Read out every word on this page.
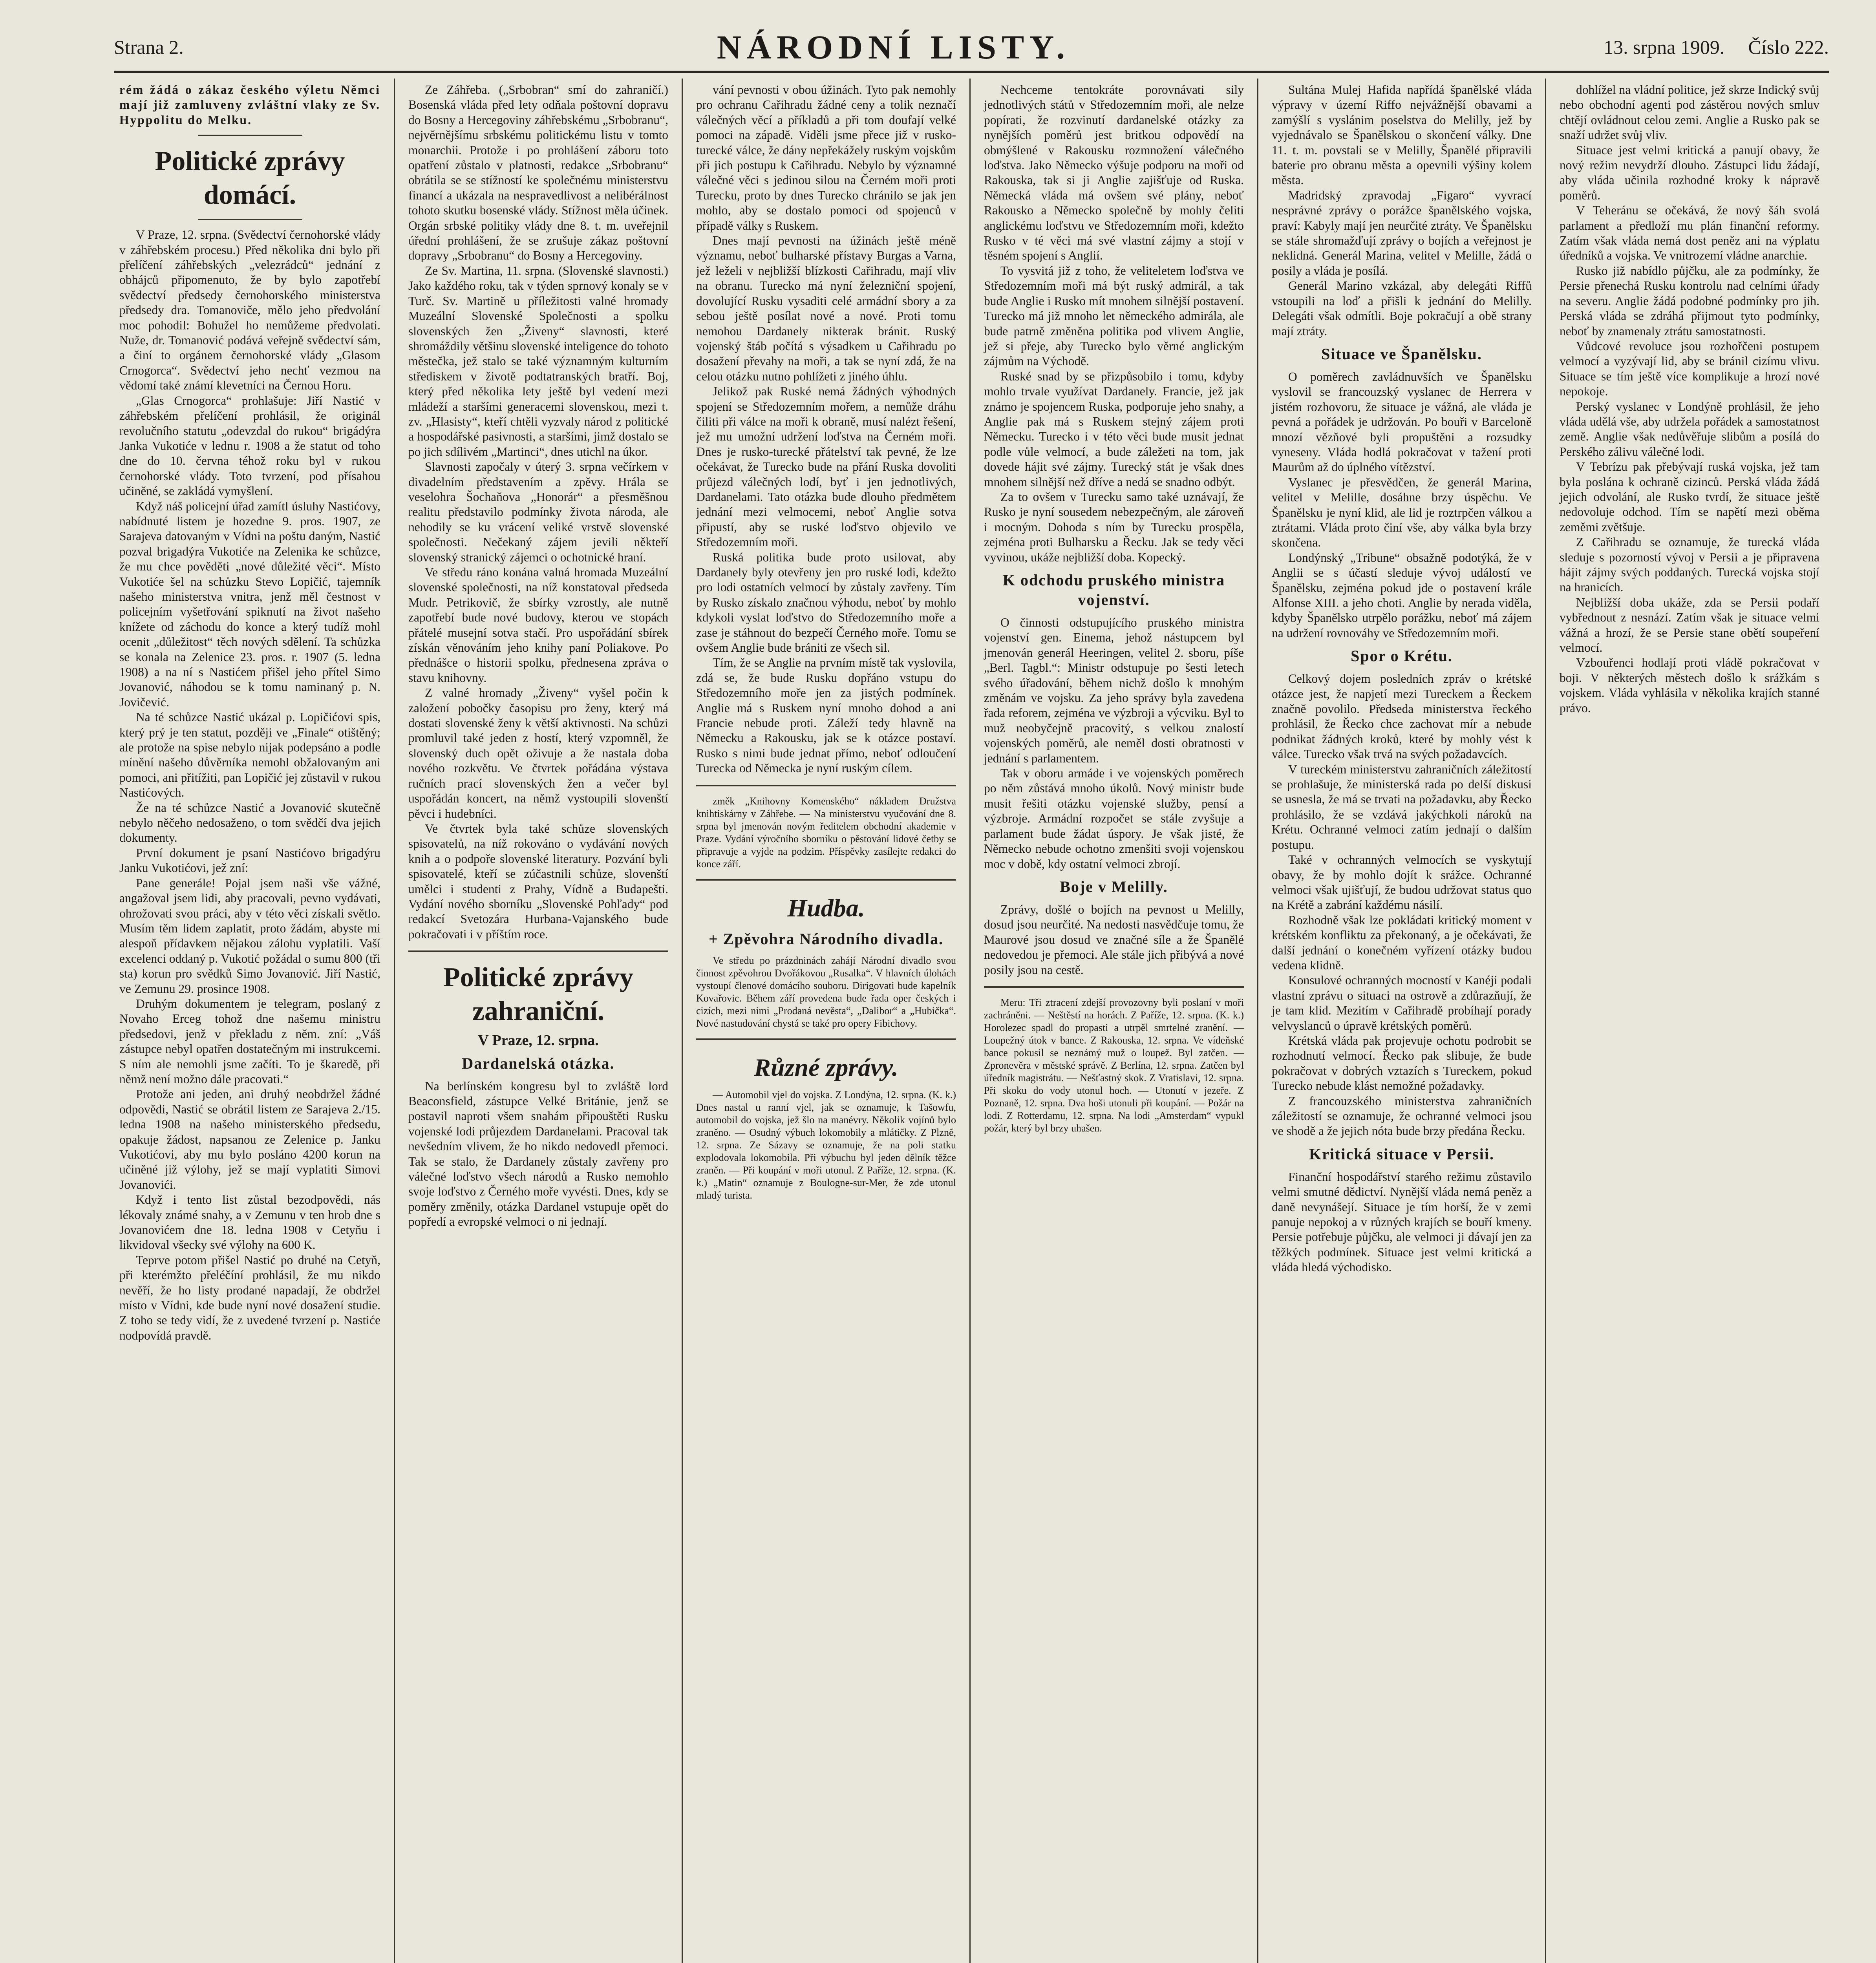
Strana 2.	NÁRODNÍ LISTY.	13. srpna 1909. Číslo 222.

rém žádá o zákaz českého výletu Němci mají již zamluveny zvláštní vlaky ze Sv. Hyppolitu do Melku.

Politické zprávy domácí.

V Praze, 12. srpna. (Svědectví černohorské vlády v záhřebském procesu.) Před několika dni bylo při přelíčení záhřebských „velezrádců“ jednání z obhájců připomenuto, že by bylo zapotřebí svědectví předsedy černohorského ministerstva předsedy dra. Tomanoviče, mělo jeho předvolání moc pohodil: Bohužel ho nemůžeme předvolati. Nuže, dr. Tomanović podává veřejně svědectví sám, a činí to orgánem černohorské vlády „Glasom Crnogorca“. Svědectví jeho nechť vezmou na vědomí také známí klevetníci na Černou Horu.

„Glas Crnogorca“ prohlašuje: Jiří Nastić v záhřebském přelíčení prohlásil, že originál revolučního statutu „odevzdal do rukou“ brigádýra Janka Vukotiće v lednu r. 1908 a že statut od toho dne do 10. června téhož roku byl v rukou černohorské vlády. Toto tvrzení, pod přísahou učiněné, se zakládá vymyšlení.

Když náš policejní úřad zamítl úsluhy Nastićovy, nabídnuté listem je hozedne 9. pros. 1907, ze Sarajeva datovaným v Vídni na poštu daným, Nastić pozval brigadýra Vukotiće na Zelenika ke schůzce, že mu chce pověděti „nové důležité věci“. Místo Vukotiće šel na schůzku Stevo Lopičić, tajemník našeho ministerstva vnitra, jenž měl čestnost v policejním vyšetřování spiknutí na život našeho knížete od záchodu do konce a který tudíž mohl ocenit „důležitost“ těch nových sdělení. Ta schůzka se konala na Zelenice 23. pros. r. 1907 (5. ledna 1908) a na ní s Nastićem přišel jeho přítel Simo Jovanović, náhodou se k tomu naminaný p. N. Jovičević.

Na té schůzce Nastić ukázal p. Lopičićovi spis, který prý je ten statut, později ve „Finale“ otištěný; ale protože na spise nebylo nijak podepsáno a podle mínění našeho důvěrníka nemohl obžalovaným ani pomoci, ani přitížiti, pan Lopičić jej zůstavil v rukou Nastićových.

Že na té schůzce Nastić a Jovanović skutečně nebylo něčeho nedosaženo, o tom svědčí dva jejich dokumenty.

První dokument je psaní Nastićovo brigadýru Janku Vukotićovi, jež zní:

Pane generále! Pojal jsem naši vše vážné, angažoval jsem lidi, aby pracovali, pevno vydávati, ohrožovati svou práci, aby v této věci získali světlo. Musím těm lidem zaplatit, proto žádám, abyste mi alespoň přídavkem nějakou zálohu vyplatili. Vaší excelenci oddaný p. Vukotić požádal o sumu 800 (tři sta) korun pro svědků Simo Jovanović. Jiří Nastić, ve Zemunu 29. prosince 1908.

Druhým dokumentem je telegram, poslaný z Novaho Erceg tohož dne našemu ministru předsedovi, jenž v překladu z něm. zní: „Váš zástupce nebyl opatřen dostatečným mi instrukcemi. S ním ale nemohli jsme začíti. To je škaredě, při němž není možno dále pracovati.“

Protože ani jeden, ani druhý neobdržel žádné odpovědi, Nastić se obrátil listem ze Sarajeva 2./15. ledna 1908 na našeho ministerského předsedu, opakuje žádost, napsanou ze Zelenice p. Janku Vukotićovi, aby mu bylo posláno 4200 korun na učiněné již výlohy, jež se mají vyplatiti Simovi Jovanovići.

Když i tento list zůstal bezodpovědi, nás lékovaly známé snahy, a v Zemunu v ten hrob dne s Jovanovićem dne 18. ledna 1908 v Cetyňu i likvidoval všecky své výlohy na 600 K.

Teprve potom přišel Nastić po druhé na Cetyň, při kterémžto přeléčíní prohlásil, že mu nikdo nevěří, že ho listy prodané napadají, že obdržel místo v Vídni, kde bude nyní nové dosažení studie. Z toho se tedy vidí, že z uvedené tvrzení p. Nastiće nodpovídá pravdě.

Ze Záhřeba. („Srbobran“ smí do zahraničí.) Bosenská vláda před lety odňala poštovní dopravu do Bosny a Hercegoviny záhřebskému „Srbobranu“, nejvěrnějšímu srbskému politickému listu v tomto monarchii. Protože i po prohlášení záboru toto opatření zůstalo v platnosti, redakce „Srbobranu“ obrátila se se stížností ke společnému ministerstvu financí a ukázala na nespravedlivost a nelibérálnost tohoto skutku bosenské vlády. Stížnost měla účinek. Orgán srbské politiky vlády dne 8. t. m. uveřejnil úřední prohlášení, že se zrušuje zákaz poštovní dopravy „Srbobranu“ do Bosny a Hercegoviny.

Ze Sv. Martina, 11. srpna. (Slovenské slavnosti.) Jako každého roku, tak v týden sprnový konaly se v Turč. Sv. Martině u příležitosti valné hromady Muzeální Slovenské Společnosti a spolku slovenských žen „Živeny“ slavnosti, které shromáždily většinu slovenské inteligence do tohoto městečka, jež stalo se také významným kulturním střediskem v životě podtatranských bratří. Boj, který před několika lety ještě byl vedení mezi mládeží a staršími generacemi slovenskou, mezi t. zv. „Hlasisty“, kteří chtěli vyzvaly národ z politické a hospodářské pasivnosti, a staršími, jimž dostalo se po jich sdílivém „Martinci“, dnes utichl na úkor.

Slavnosti započaly v úterý 3. srpna večírkem v divadelním představením a zpěvy. Hrála se veselohra Šochaňova „Honorár“ a přesměšnou realitu představilo podmínky života národa, ale nehodily se ku vrácení veliké vrstvě slovenské společnosti. Nečekaný zájem jevili někteří slovenský stranický zájemci o ochotnické hraní.

Ve středu ráno konána valná hromada Muzeální slovenské společnosti, na níž konstatoval předseda Mudr. Petrikovič, že sbírky vzrostly, ale nutně zapotřebí bude nové budovy, kterou ve stopách přátelé musejní sotva stačí. Pro uspořádání sbírek získán věnováním jeho knihy paní Poliakove. Po přednášce o historii spolku, přednesena zpráva o stavu knihovny.

Z valné hromady „Živeny“ vyšel počin k založení pobočky časopisu pro ženy, který má dostati slovenské ženy k větší aktivnosti. Na schůzi promluvil také jeden z hostí, který vzpomněl, že slovenský duch opět oživuje a že nastala doba nového rozkvětu. Ve čtvrtek pořádána výstava ručních prací slovenských žen a večer byl uspořádán koncert, na němž vystoupili slovenští pěvci i hudebníci.

Ve čtvrtek byla také schůze slovenských spisovatelů, na níž rokováno o vydávání nových knih a o podpoře slovenské literatury. Pozvání byli spisovatelé, kteří se zúčastnili schůze, slovenští umělci i studenti z Prahy, Vídně a Budapešti. Vydání nového sborníku „Slovenské Pohľady“ pod redakcí Svetozára Hurbana-Vajanského bude pokračovati i v příštím roce.

Politické zprávy zahraniční.
V Praze, 12. srpna.
Dardanelská otázka.

Na berlínském kongresu byl to zvláště lord Beaconsfield, zástupce Velké Británie, jenž se postavil naproti všem snahám připouštěti Rusku vojenské lodi průjezdem Dardanelami. Pracoval tak nevšedním vlivem, že ho nikdo nedovedl přemoci. Tak se stalo, že Dardanely zůstaly zavřeny pro válečné loďstvo všech národů a Rusko nemohlo svoje loďstvo z Černého moře vyvésti. Dnes, kdy se poměry změnily, otázka Dardanel vstupuje opět do popředí a evropské velmoci o ni jednají.

vání pevnosti v obou úžinách. Tyto pak nemohly pro ochranu Cařihradu žádné ceny a tolik neznačí válečných věcí a příkladů a při tom doufají velké pomoci na západě. Viděli jsme přece již v rusko-turecké válce, že dány nepřekážely ruským vojskům při jich postupu k Cařihradu. Nebylo by významné válečné věci s jedinou silou na Černém moři proti Turecku, proto by dnes Turecko chránilo se jak jen mohlo, aby se dostalo pomoci od spojenců v případě války s Ruskem.

Dnes mají pevnosti na úžinách ještě méně významu, neboť bulharské přístavy Burgas a Varna, jež leželi v nejbližší blízkosti Cařihradu, mají vliv na obranu. Turecko má nyní železniční spojení, dovolující Rusku vysaditi celé armádní sbory a za sebou ještě posílat nové a nové. Proti tomu nemohou Dardanely nikterak bránit. Ruský vojenský štáb počítá s výsadkem u Cařihradu po dosažení převahy na moři, a tak se nyní zdá, že na celou otázku nutno pohlížeti z jiného úhlu.

Jelikož pak Ruské nemá žádných výhodných spojení se Středozemním mořem, a nemůže dráhu čiliti při válce na moři k obraně, musí nalézt řešení, jež mu umožní udržení loďstva na Černém moři. Dnes je rusko-turecké přátelství tak pevné, že lze očekávat, že Turecko bude na přání Ruska dovoliti průjezd válečných lodí, byť i jen jednotlivých, Dardanelami. Tato otázka bude dlouho předmětem jednání mezi velmocemi, neboť Anglie sotva připustí, aby se ruské loďstvo objevilo ve Středozemním moři.

Ruská politika bude proto usilovat, aby Dardanely byly otevřeny jen pro ruské lodi, kdežto pro lodi ostatních velmocí by zůstaly zavřeny. Tím by Rusko získalo značnou výhodu, neboť by mohlo kdykoli vyslat loďstvo do Středozemního moře a zase je stáhnout do bezpečí Černého moře. Tomu se ovšem Anglie bude brániti ze všech sil.

Tím, že se Anglie na prvním místě tak vyslovila, zdá se, že bude Rusku dopřáno vstupu do Středozemního moře jen za jistých podmínek. Anglie má s Ruskem nyní mnoho dohod a ani Francie nebude proti. Záleží tedy hlavně na Německu a Rakousku, jak se k otázce postaví. Rusko s nimi bude jednat přímo, neboť odloučení Turecka od Německa je nyní ruským cílem.

změk „Knihovny Komenského“ nákladem Družstva knihtiskárny v Záhřebe. — Na ministerstvu vyučování dne 8. srpna byl jmenován novým ředitelem obchodní akademie v Praze. Vydání výročního sborníku o pěstování lidové četby se připravuje a vyjde na podzim. Příspěvky zasílejte redakci do konce září.

Hudba.
+ Zpěvohra Národního divadla.

Ve středu po prázdninách zahájí Národní divadlo svou činnost zpěvohrou Dvořákovou „Rusalka“. V hlavních úlohách vystoupí členové domácího souboru. Dirigovati bude kapelník Kovařovic. Během září provedena bude řada oper českých i cizích, mezi nimi „Prodaná nevěsta“, „Dalibor“ a „Hubička“. Nové nastudování chystá se také pro opery Fibichovy.

Různé zprávy.

— Automobil vjel do vojska. Z Londýna, 12. srpna. (K. k.) Dnes nastal u ranní vjel, jak se oznamuje, k Tašowfu, automobil do vojska, jež šlo na manévry. Několik vojínů bylo zraněno. — Osudný výbuch lokomobily a mlátičky. Z Plzně, 12. srpna. Ze Sázavy se oznamuje, že na poli statku explodovala lokomobila. Při výbuchu byl jeden dělník těžce zraněn. — Při koupání v moři utonul. Z Paříže, 12. srpna. (K. k.) „Matin“ oznamuje z Boulogne-sur-Mer, že zde utonul mladý turista.

Nechceme tentokráte porovnávati sily jednotlivých států v Středozemním moři, ale nelze popírati, že rozvinutí dardanelské otázky za nynějších poměrů jest britkou odpovědí na obmýšlené v Rakousku rozmnožení válečného loďstva. Jako Německo výšuje podporu na moři od Rakouska, tak si ji Anglie zajišťuje od Ruska. Německá vláda má ovšem své plány, neboť Rakousko a Německo společně by mohly čeliti anglickému loďstvu ve Středozemním moři, kdežto Rusko v té věci má své vlastní zájmy a stojí v těsném spojení s Anglií.

To vysvitá již z toho, že veliteletem loďstva ve Středozemním moři má být ruský admirál, a tak bude Anglie i Rusko mít mnohem silnější postavení. Turecko má již mnoho let německého admirála, ale bude patrně změněna politika pod vlivem Anglie, jež si přeje, aby Turecko bylo věrné anglickým zájmům na Východě.

Ruské snad by se přizpůsobilo i tomu, kdyby mohlo trvale využívat Dardanely. Francie, jež jak známo je spojencem Ruska, podporuje jeho snahy, a Anglie pak má s Ruskem stejný zájem proti Německu. Turecko i v této věci bude musit jednat podle vůle velmocí, a bude záležeti na tom, jak dovede hájit své zájmy. Turecký stát je však dnes mnohem silnější než dříve a nedá se snadno odbýt.

Za to ovšem v Turecku samo také uznávají, že Rusko je nyní sousedem nebezpečným, ale zároveň i mocným. Dohoda s ním by Turecku prospěla, zejména proti Bulharsku a Řecku. Jak se tedy věci vyvinou, ukáže nejbližší doba. Kopecký.

K odchodu pruského ministra vojenství.

O činnosti odstupujícího pruského ministra vojenství gen. Einema, jehož nástupcem byl jmenován generál Heeringen, velitel 2. sboru, píše „Berl. Tagbl.“: Ministr odstupuje po šesti letech svého úřadování, během nichž došlo k mnohým změnám ve vojsku. Za jeho správy byla zavedena řada reforem, zejména ve výzbroji a výcviku. Byl to muž neobyčejně pracovitý, s velkou znalostí vojenských poměrů, ale neměl dosti obratnosti v jednání s parlamentem.

Tak v oboru armáde i ve vojenských poměrech po něm zůstává mnoho úkolů. Nový ministr bude musit řešiti otázku vojenské služby, pensí a výzbroje. Armádní rozpočet se stále zvyšuje a parlament bude žádat úspory. Je však jisté, že Německo nebude ochotno zmenšiti svoji vojenskou moc v době, kdy ostatní velmoci zbrojí.

Boje v Melilly.

Zprávy, došlé o bojích na pevnost u Melilly, dosud jsou neurčité. Na nedosti nasvědčuje tomu, že Maurové jsou dosud ve značné síle a že Španělé nedovedou je přemoci. Ale stále jich přibývá a nové posily jsou na cestě.

Meru: Tři ztracení zdejší provozovny byli poslaní v moři zachráněni. — Neštěstí na horách. Z Paříže, 12. srpna. (K. k.) Horolezec spadl do propasti a utrpěl smrtelné zranění. — Loupežný útok v bance. Z Rakouska, 12. srpna. Ve vídeňské bance pokusil se neznámý muž o loupež. Byl zatčen. — Zpronevěra v městské správě. Z Berlína, 12. srpna. Zatčen byl úředník magistrátu. — Nešťastný skok. Z Vratislavi, 12. srpna. Při skoku do vody utonul hoch. — Utonutí v jezeře. Z Poznaně, 12. srpna. Dva hoši utonuli při koupání. — Požár na lodi. Z Rotterdamu, 12. srpna. Na lodi „Amsterdam“ vypukl požár, který byl brzy uhašen.

Sultána Mulej Hafida napřídá španělské vláda výpravy v území Riffo nejvážnější obavami a zamýšlí s vyslánim poselstva do Melilly, jež by vyjednávalo se Španělskou o skončení války. Dne 11. t. m. povstali se v Melilly, Španělé připravili baterie pro obranu města a opevnili výšiny kolem města.

Madridský zpravodaj „Figaro“ vyvrací nesprávné zprávy o porážce španělského vojska, praví: Kabyly mají jen neurčité ztráty. Ve Španělsku se stále shromažďují zprávy o bojích a veřejnost je neklidná. Generál Marina, velitel v Melille, žádá o posily a vláda je posílá.

Generál Marino vzkázal, aby delegáti Riffů vstoupili na loď a přišli k jednání do Melilly. Delegáti však odmítli. Boje pokračují a obě strany mají ztráty.

Situace ve Španělsku.

O poměrech zavládnuvších ve Španělsku vyslovil se francouzský vyslanec de Herrera v jistém rozhovoru, že situace je vážná, ale vláda je pevná a pořádek je udržován. Po bouři v Barceloně mnozí vězňové byli propuštěni a rozsudky vyneseny. Vláda hodlá pokračovat v tažení proti Maurům až do úplného vítězství.

Vyslanec je přesvědčen, že generál Marina, velitel v Melille, dosáhne brzy úspěchu. Ve Španělsku je nyní klid, ale lid je roztrpčen válkou a ztrátami. Vláda proto činí vše, aby válka byla brzy skončena.

Londýnský „Tribune“ obsažně podotýká, že v Anglii se s účastí sleduje vývoj událostí ve Španělsku, zejména pokud jde o postavení krále Alfonse XIII. a jeho choti. Anglie by nerada viděla, kdyby Španělsko utrpělo porážku, neboť má zájem na udržení rovnováhy ve Středozemním moři.

Spor o Krétu.

Celkový dojem posledních zpráv o krétské otázce jest, že napjetí mezi Tureckem a Řeckem značně povolilo. Předseda ministerstva řeckého prohlásil, že Řecko chce zachovat mír a nebude podnikat žádných kroků, které by mohly vést k válce. Turecko však trvá na svých požadavcích.

V tureckém ministerstvu zahraničních záležitostí se prohlašuje, že ministerská rada po delší diskusi se usnesla, že má se trvati na požadavku, aby Řecko prohlásilo, že se vzdává jakýchkoli nároků na Krétu. Ochranné velmoci zatím jednají o dalším postupu.

Také v ochranných velmocích se vyskytují obavy, že by mohlo dojít k srážce. Ochranné velmoci však ujišťují, že budou udržovat status quo na Krétě a zabrání každému násilí.

Rozhodně však lze pokládati kritický moment v krétském konfliktu za překonaný, a je očekávati, že další jednání o konečném vyřízení otázky budou vedena klidně.

Konsulové ochranných mocností v Kanéji podali vlastní zprávu o situaci na ostrově a zdůrazňují, že je tam klid. Mezitím v Cařihradě probíhají porady velvyslanců o úpravě krétských poměrů.

Krétská vláda pak projevuje ochotu podrobit se rozhodnutí velmocí. Řecko pak slibuje, že bude pokračovat v dobrých vztazích s Tureckem, pokud Turecko nebude klást nemožné požadavky.

Z francouzského ministerstva zahraničních záležitostí se oznamuje, že ochranné velmoci jsou ve shodě a že jejich nóta bude brzy předána Řecku.

Kritická situace v Persii.

Finanční hospodářství starého režimu zůstavilo velmi smutné dědictví. Nynější vláda nemá peněz a daně nevynášejí. Situace je tím horší, že v zemi panuje nepokoj a v různých krajích se bouří kmeny. Persie potřebuje půjčku, ale velmoci ji dávají jen za těžkých podmínek. Situace jest velmi kritická a vláda hledá východisko.

dohlížel na vládní politice, jež skrze Indický svůj nebo obchodní agenti pod zástěrou nových smluv chtějí ovládnout celou zemi. Anglie a Rusko pak se snaží udržet svůj vliv.

Situace jest velmi kritická a panují obavy, že nový režim nevydrží dlouho. Zástupci lidu žádají, aby vláda učinila rozhodné kroky k nápravě poměrů.

V Teheránu se očekává, že nový šáh svolá parlament a předloží mu plán finanční reformy. Zatím však vláda nemá dost peněz ani na výplatu úředníků a vojska. Ve vnitrozemí vládne anarchie.

Rusko již nabídlo půjčku, ale za podmínky, že Persie přenechá Rusku kontrolu nad celními úřady na severu. Anglie žádá podobné podmínky pro jih. Perská vláda se zdráhá přijmout tyto podmínky, neboť by znamenaly ztrátu samostatnosti.

Vůdcové revoluce jsou rozhořčeni postupem velmocí a vyzývají lid, aby se bránil cizímu vlivu. Situace se tím ještě více komplikuje a hrozí nové nepokoje.

Perský vyslanec v Londýně prohlásil, že jeho vláda udělá vše, aby udržela pořádek a samostatnost země. Anglie však nedůvěřuje slibům a posílá do Perského zálivu válečné lodi.

V Tebrízu pak přebývají ruská vojska, jež tam byla poslána k ochraně cizinců. Perská vláda žádá jejich odvolání, ale Rusko tvrdí, že situace ještě nedovoluje odchod. Tím se napětí mezi oběma zeměmi zvětšuje.

Z Cařihradu se oznamuje, že turecká vláda sleduje s pozorností vývoj v Persii a je připravena hájit zájmy svých poddaných. Turecká vojska stojí na hranicích.

Nejbližší doba ukáže, zda se Persii podaří vybřednout z nesnází. Zatím však je situace velmi vážná a hrozí, že se Persie stane obětí soupeření velmocí.

Vzbouřenci hodlají proti vládě pokračovat v boji. V některých městech došlo k srážkám s vojskem. Vláda vyhlásila v několika krajích stanné právo.
